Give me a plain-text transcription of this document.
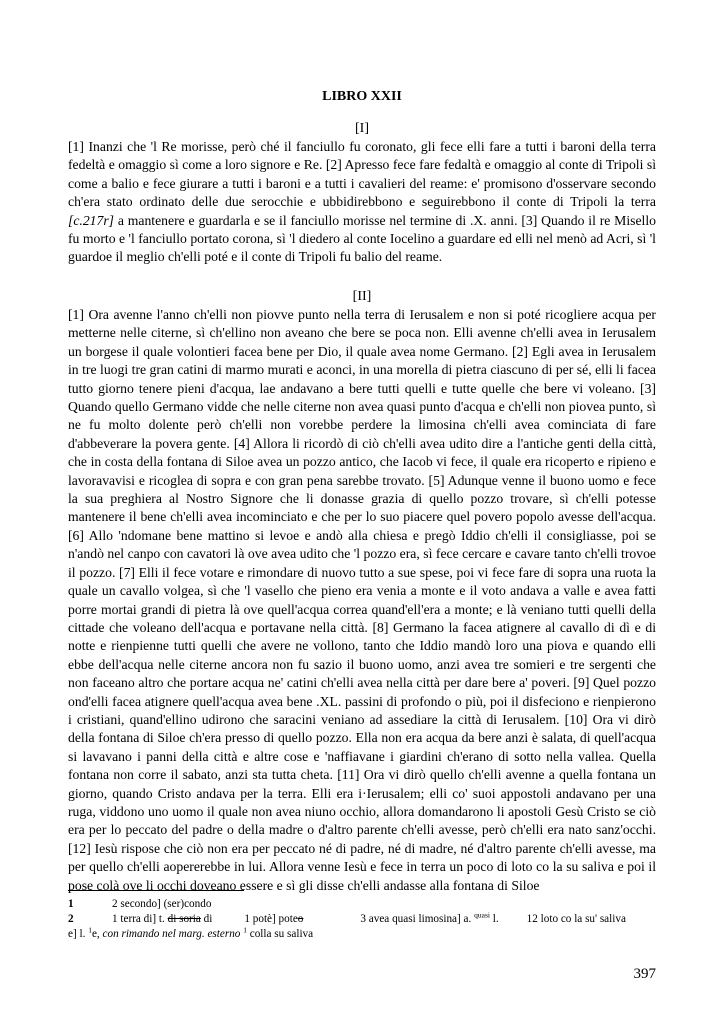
LIBRO XXII

[I]

[1] Inanzi che 'l Re morisse, però ché il fanciullo fu coronato, gli fece elli fare a tutti i baroni della terra fedeltà e omaggio sì come a loro signore e Re. [2] Apresso fece fare fedaltà e omaggio al conte di Tripoli sì come a balio e fece giurare a tutti i baroni e a tutti i cavalieri del reame: e' promisono d'osservare secondo ch'era stato ordinato delle due serocchie e ubbidirebbono e seguirebbono il conte di Tripoli la terra [c.217r] a mantenere e guardarla e se il fanciullo morisse nel termine di .X. anni. [3] Quando il re Misello fu morto e 'l fanciullo portato corona, sì 'l diedero al conte Iocelino a guardare ed elli nel menò ad Acri, sì 'l guardoe il meglio ch'elli poté e il conte di Tripoli fu balio del reame.

[II]

[1] Ora avenne l'anno ch'elli non piovve punto nella terra di Ierusalem e non si poté ricogliere acqua per metterne nelle citerne, sì ch'ellino non aveano che bere se poca non. Elli avenne ch'elli avea in Ierusalem un borgese il quale volontieri facea bene per Dio, il quale avea nome Germano. [2] Egli avea in Ierusalem in tre luogi tre gran catini di marmo murati e aconci, in una morella di pietra ciascuno di per sé, elli li facea tutto giorno tenere pieni d'acqua, lae andavano a bere tutti quelli e tutte quelle che bere vi voleano. [3] Quando quello Germano vidde che nelle citerne non avea quasi punto d'acqua e ch'elli non piovea punto, sì ne fu molto dolente però ch'elli non vorebbe perdere la limosina ch'elli avea cominciata di fare d'abbeverare la povera gente. [4] Allora li ricordò di ciò ch'elli avea udito dire a l'antiche genti della città, che in costa della fontana di Siloe avea un pozzo antico, che Iacob vi fece, il quale era ricoperto e ripieno e lavoravavisi e ricoglea di sopra e con gran pena sarebbe trovato. [5] Adunque venne il buono uomo e fece la sua preghiera al Nostro Signore che li donasse grazia di quello pozzo trovare, sì ch'elli potesse mantenere il bene ch'elli avea incominciato e che per lo suo piacere quel povero popolo avesse dell'acqua. [6] Allo 'ndomane bene mattino si levoe e andò alla chiesa e pregò Iddio ch'elli il consigliasse, poi se n'andò nel canpo con cavatori là ove avea udito che 'l pozzo era, sì fece cercare e cavare tanto ch'elli trovoe il pozzo. [7] Elli il fece votare e rimondare di nuovo tutto a sue spese, poi vi fece fare di sopra una ruota la quale un cavallo volgea, sì che 'l vasello che pieno era venia a monte e il voto andava a valle e avea fatti porre mortai grandi di pietra là ove quell'acqua correa quand'ell'era a monte; e là veniano tutti quelli della cittade che voleano dell'acqua e portavane nella città. [8] Germano la facea atignere al cavallo di dì e di notte e rienpienne tutti quelli che avere ne vollono, tanto che Iddio mandò loro una piova e quando elli ebbe dell'acqua nelle citerne ancora non fu sazio il buono uomo, anzi avea tre somieri e tre sergenti che non faceano altro che portare acqua ne' catini ch'elli avea nella città per dare bere a' poveri. [9] Quel pozzo ond'elli facea atignere quell'acqua avea bene .XL. passini di profondo o più, poi il disfeciono e rienpierono i cristiani, quand'ellino udirono che saracini veniano ad assediare la città di Ierusalem. [10] Ora vi dirò della fontana di Siloe ch'era presso di quello pozzo. Ella non era acqua da bere anzi è salata, di quell'acqua si lavavano i panni della città e altre cose e 'naffiavane i giardini ch'erano di sotto nella vallea. Quella fontana non corre il sabato, anzi sta tutta cheta. [11] Ora vi dirò quello ch'elli avenne a quella fontana un giorno, quando Cristo andava per la terra. Elli era i·Ierusalem; elli co' suoi appostoli andavano per una ruga, viddono uno uomo il quale non avea niuno occhio, allora domandarono li apostoli Gesù Cristo se ciò era per lo peccato del padre o della madre o d'altro parente ch'elli avesse, però ch'elli era nato sanz'occhi. [12] Iesù rispose che ciò non era per peccato né di padre, né di madre, né d'altro parente ch'elli avesse, ma per quello ch'elli aopererebbe in lui. Allora venne Iesù e fece in terra un poco di loto co la su saliva e poi il pose colà ove li occhi doveano essere e sì gli disse ch'elli andasse alla fontana di Siloe

1	2 secondo] (ser)condo
2	1 terra di] t. di soria di	1 potè] poteo	3 avea quasi limosina] a. $^{quasi}$ l.	12 loto co la su' saliva
e] l. $^1$e, con rimando nel marg. esterno $^1$ colla su saliva
397
